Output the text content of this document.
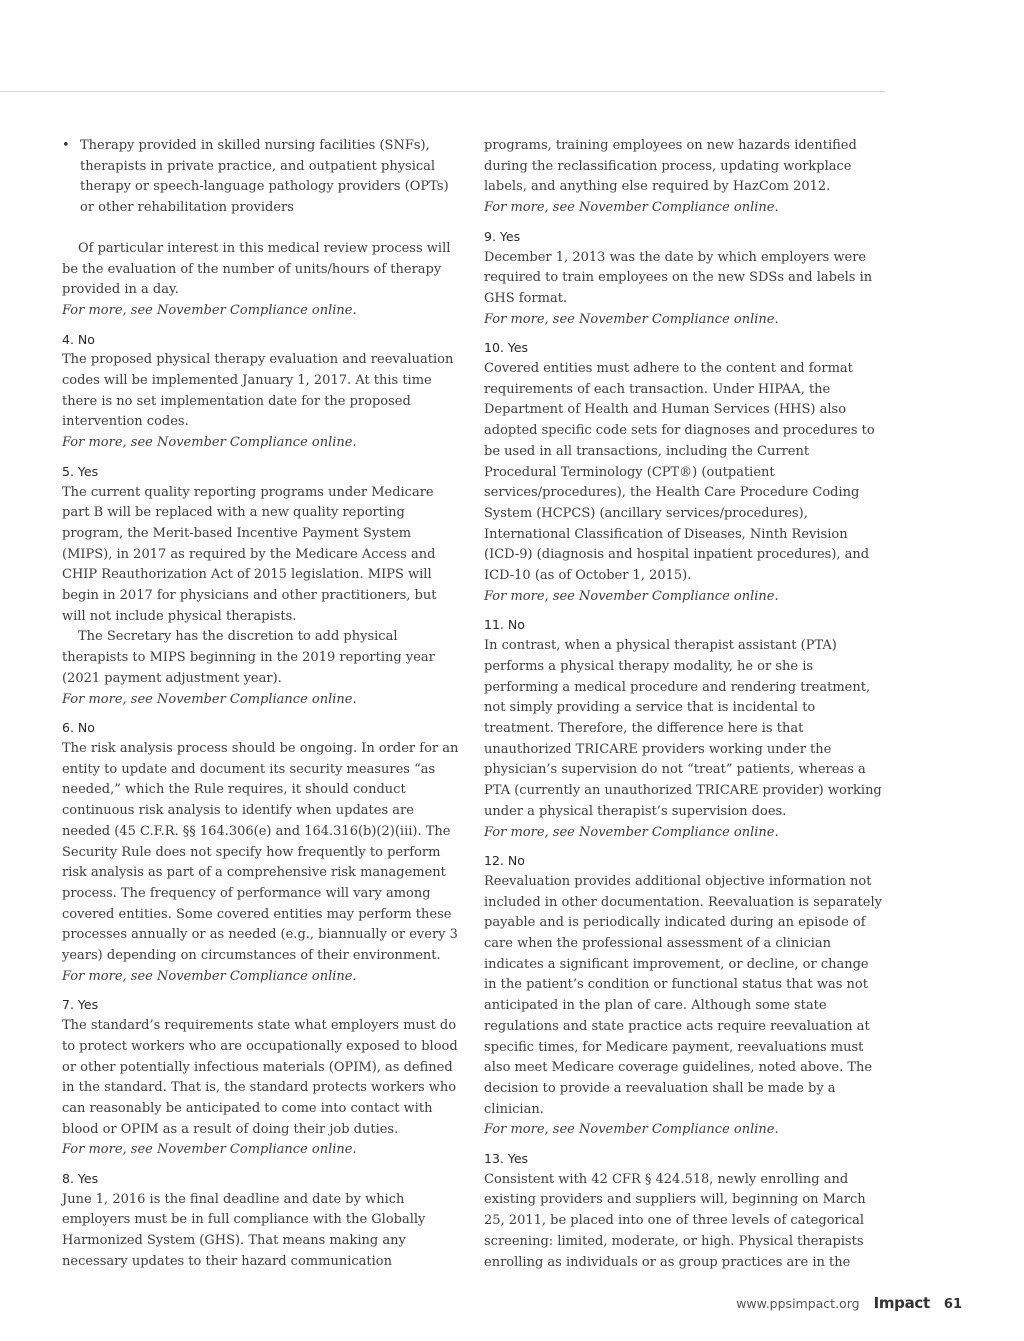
• Therapy provided in skilled nursing facilities (SNFs), therapists in private practice, and outpatient physical therapy or speech-language pathology providers (OPTs) or other rehabilitation providers

Of particular interest in this medical review process will be the evaluation of the number of units/hours of therapy provided in a day.

For more, see November Compliance online.

4. No

The proposed physical therapy evaluation and reevaluation codes will be implemented January 1, 2017. At this time there is no set implementation date for the proposed intervention codes.

For more, see November Compliance online.

5. Yes

The current quality reporting programs under Medicare part B will be replaced with a new quality reporting program, the Merit-based Incentive Payment System (MIPS), in 2017 as required by the Medicare Access and CHIP Reauthorization Act of 2015 legislation. MIPS will begin in 2017 for physicians and other practitioners, but will not include physical therapists.

The Secretary has the discretion to add physical therapists to MIPS beginning in the 2019 reporting year (2021 payment adjustment year).

For more, see November Compliance online.

6. No

The risk analysis process should be ongoing. In order for an entity to update and document its security measures “as needed,” which the Rule requires, it should conduct continuous risk analysis to identify when updates are needed (45 C.F.R. §§ 164.306(e) and 164.316(b)(2)(iii). The Security Rule does not specify how frequently to perform risk analysis as part of a comprehensive risk management process. The frequency of performance will vary among covered entities. Some covered entities may perform these processes annually or as needed (e.g., biannually or every 3 years) depending on circumstances of their environment.

For more, see November Compliance online.

7. Yes

The standard’s requirements state what employers must do to protect workers who are occupationally exposed to blood or other potentially infectious materials (OPIM), as defined in the standard. That is, the standard protects workers who can reasonably be anticipated to come into contact with blood or OPIM as a result of doing their job duties.

For more, see November Compliance online.

8. Yes

June 1, 2016 is the final deadline and date by which employers must be in full compliance with the Globally Harmonized System (GHS). That means making any necessary updates to their hazard communication

programs, training employees on new hazards identified during the reclassification process, updating workplace labels, and anything else required by HazCom 2012.

For more, see November Compliance online.

9. Yes

December 1, 2013 was the date by which employers were required to train employees on the new SDSs and labels in GHS format.

For more, see November Compliance online.

10. Yes

Covered entities must adhere to the content and format requirements of each transaction. Under HIPAA, the Department of Health and Human Services (HHS) also adopted specific code sets for diagnoses and procedures to be used in all transactions, including the Current Procedural Terminology (CPT®) (outpatient services/procedures), the Health Care Procedure Coding System (HCPCS) (ancillary services/procedures), International Classification of Diseases, Ninth Revision (ICD-9) (diagnosis and hospital inpatient procedures), and ICD-10 (as of October 1, 2015).

For more, see November Compliance online.

11. No

In contrast, when a physical therapist assistant (PTA) performs a physical therapy modality, he or she is performing a medical procedure and rendering treatment, not simply providing a service that is incidental to treatment. Therefore, the difference here is that unauthorized TRICARE providers working under the physician’s supervision do not “treat” patients, whereas a PTA (currently an unauthorized TRICARE provider) working under a physical therapist’s supervision does.

For more, see November Compliance online.

12. No

Reevaluation provides additional objective information not included in other documentation. Reevaluation is separately payable and is periodically indicated during an episode of care when the professional assessment of a clinician indicates a significant improvement, or decline, or change in the patient’s condition or functional status that was not anticipated in the plan of care. Although some state regulations and state practice acts require reevaluation at specific times, for Medicare payment, reevaluations must also meet Medicare coverage guidelines, noted above. The decision to provide a reevaluation shall be made by a clinician.

For more, see November Compliance online.

13. Yes

Consistent with 42 CFR § 424.518, newly enrolling and existing providers and suppliers will, beginning on March 25, 2011, be placed into one of three levels of categorical screening: limited, moderate, or high. Physical therapists enrolling as individuals or as group practices are in the

www.ppsimpact.org Impact 61
